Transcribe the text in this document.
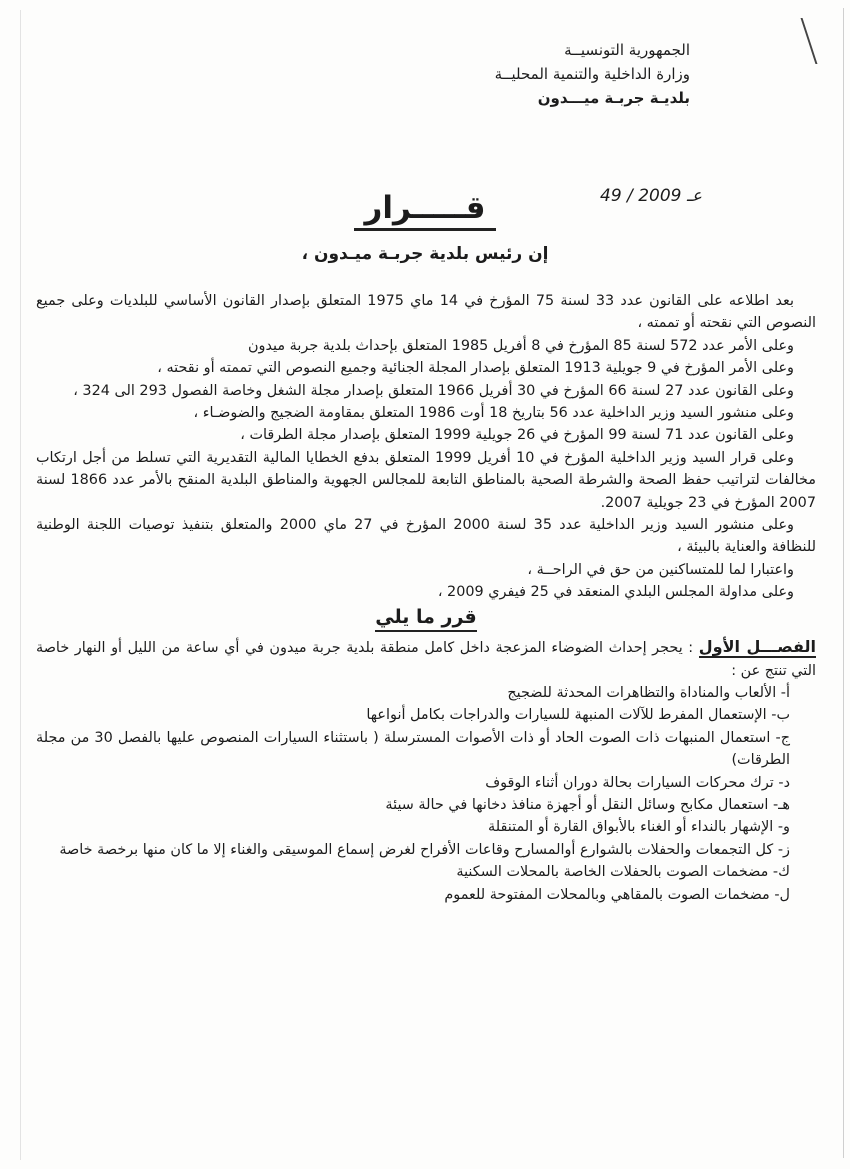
الجمهورية التونسيــة
وزارة الداخلية والتنمية المحليــة
بلديـة جربـة ميـــدون
عـ 2009 / 49
قـــــرار
إن رئيس بلدية جربـة ميـدون ،

بعد اطلاعه على القانون عدد 33 لسنة 75 المؤرخ في 14 ماي 1975 المتعلق بإصدار القانون الأساسي للبلديات وعلى جميع النصوص التي نقحته أو تممته ،

وعلى الأمر عدد 572 لسنة 85 المؤرخ في 8 أفريل 1985 المتعلق بإحداث بلدية جربة ميدون

وعلى الأمر المؤرخ في 9 جويلية 1913 المتعلق بإصدار المجلة الجنائية وجميع النصوص التي تممته أو نقحته ،

وعلى القانون عدد 27 لسنة 66 المؤرخ في 30 أفريل 1966 المتعلق بإصدار مجلة الشغل وخاصة الفصول 293 الى 324 ،

وعلى منشور السيد وزير الداخلية عدد 56 بتاريخ 18 أوت 1986 المتعلق بمقاومة الضجيج والضوضـاء ،

وعلى القانون عدد 71 لسنة 99 المؤرخ في 26 جويلية 1999 المتعلق بإصدار مجلة الطرقات ،

وعلى قرار السيد وزير الداخلية المؤرخ في 10 أفريل 1999 المتعلق بدفع الخطايا المالية التقديرية التي تسلط من أجل ارتكاب مخالفات لتراتيب حفظ الصحة والشرطة الصحية بالمناطق التابعة للمجالس الجهوية والمناطق البلدية المنقح بالأمر عدد 1866 لسنة 2007 المؤرخ في 23 جويلية 2007.

وعلى منشور السيد وزير الداخلية عدد 35 لسنة 2000 المؤرخ في 27 ماي 2000 والمتعلق بتنفيذ توصيات اللجنة الوطنية للنظافة والعناية بالبيئة ،

واعتبارا لما للمتساكنين من حق في الراحــة ،

وعلى مداولة المجلس البلدي المنعقد في 25 فيفري 2009 ،

قرر ما يلي

الفصـــل الأول : يحجر إحداث الضوضاء المزعجة داخل كامل منطقة بلدية جربة ميدون في أي ساعة من الليل أو النهار خاصة التي تنتج عن :

أ- الألعاب والمناداة والتظاهرات المحدثة للضجيج
ب- الإستعمال المفرط للآلات المنبهة للسيارات والدراجات بكامل أنواعها
ج- استعمال المنبهات ذات الصوت الحاد أو ذات الأصوات المسترسلة ( باستثناء السيارات المنصوص عليها بالفصل 30 من مجلة الطرقات)
د- ترك محركات السيارات بحالة دوران أثناء الوقوف
هـ- استعمال مكابح وسائل النقل أو أجهزة منافذ دخانها في حالة سيئة
و- الإشهار بالنداء أو الغناء بالأبواق القارة أو المتنقلة
ز- كل التجمعات والحفلات بالشوارع أوالمسارح وقاعات الأفراح لغرض إسماع الموسيقى والغناء إلا ما كان منها برخصة خاصة
ك- مضخمات الصوت بالحفلات الخاصة بالمحلات السكنية
ل- مضخمات الصوت بالمقاهي وبالمحلات المفتوحة للعموم
